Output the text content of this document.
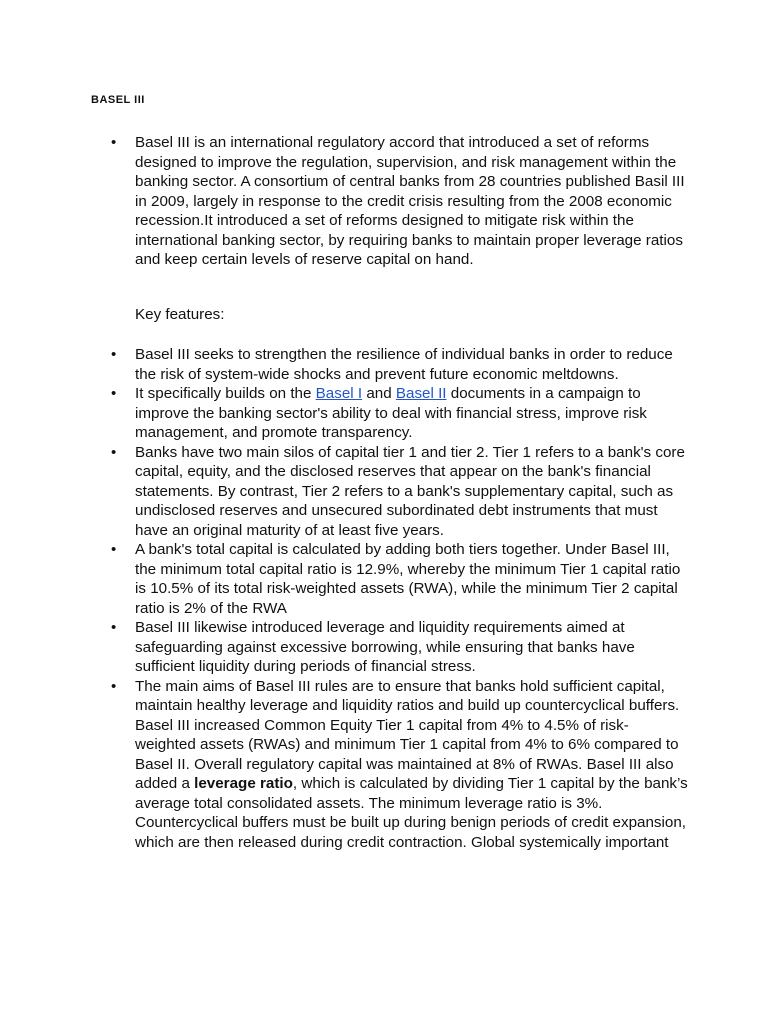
BASEL III
• Basel III is an international regulatory accord that introduced a set of reforms designed to improve the regulation, supervision, and risk management within the banking sector. A consortium of central banks from 28 countries published Basil III in 2009, largely in response to the credit crisis resulting from the 2008 economic recession.It introduced a set of reforms designed to mitigate risk within the international banking sector, by requiring banks to maintain proper leverage ratios and keep certain levels of reserve capital on hand.

Key features:

• Basel III seeks to strengthen the resilience of individual banks in order to reduce the risk of system-wide shocks and prevent future economic meltdowns.
• It specifically builds on the Basel I and Basel II documents in a campaign to improve the banking sector's ability to deal with financial stress, improve risk management, and promote transparency.
• Banks have two main silos of capital tier 1 and tier 2. Tier 1 refers to a bank's core capital, equity, and the disclosed reserves that appear on the bank's financial statements. By contrast, Tier 2 refers to a bank's supplementary capital, such as undisclosed reserves and unsecured subordinated debt instruments that must have an original maturity of at least five years.
• A bank's total capital is calculated by adding both tiers together. Under Basel III, the minimum total capital ratio is 12.9%, whereby the minimum Tier 1 capital ratio is 10.5% of its total risk-weighted assets (RWA), while the minimum Tier 2 capital ratio is 2% of the RWA
• Basel III likewise introduced leverage and liquidity requirements aimed at safeguarding against excessive borrowing, while ensuring that banks have sufficient liquidity during periods of financial stress.
• The main aims of Basel III rules are to ensure that banks hold sufficient capital, maintain healthy leverage and liquidity ratios and build up countercyclical buffers. Basel III increased Common Equity Tier 1 capital from 4% to 4.5% of risk-weighted assets (RWAs) and minimum Tier 1 capital from 4% to 6% compared to Basel II. Overall regulatory capital was maintained at 8% of RWAs. Basel III also added a leverage ratio, which is calculated by dividing Tier 1 capital by the bank’s average total consolidated assets. The minimum leverage ratio is 3%. Countercyclical buffers must be built up during benign periods of credit expansion, which are then released during credit contraction. Global systemically important
